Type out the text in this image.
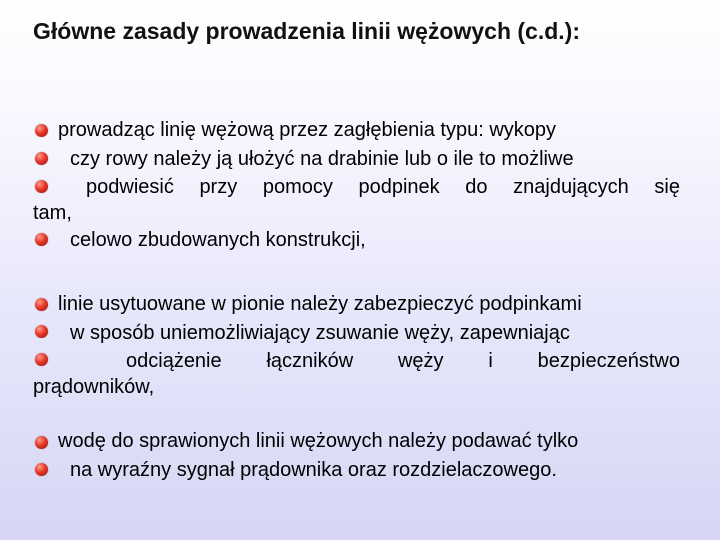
Główne zasady prowadzenia linii wężowych (c.d.):
prowadząc linię wężową przez zagłębienia typu: wykopy
czy rowy należy ją ułożyć na drabinie lub o ile to możliwe
podwiesić przy pomocy podpinek do znajdujących się
tam,
celowo zbudowanych konstrukcji,
linie usytuowane w pionie należy zabezpieczyć podpinkami
w sposób uniemożliwiający zsuwanie węży, zapewniając
odciążenie łączników węży i bezpieczeństwo
prądowników,
wodę do sprawionych linii wężowych należy podawać tylko
na wyraźny sygnał prądownika oraz rozdzielaczowego.
